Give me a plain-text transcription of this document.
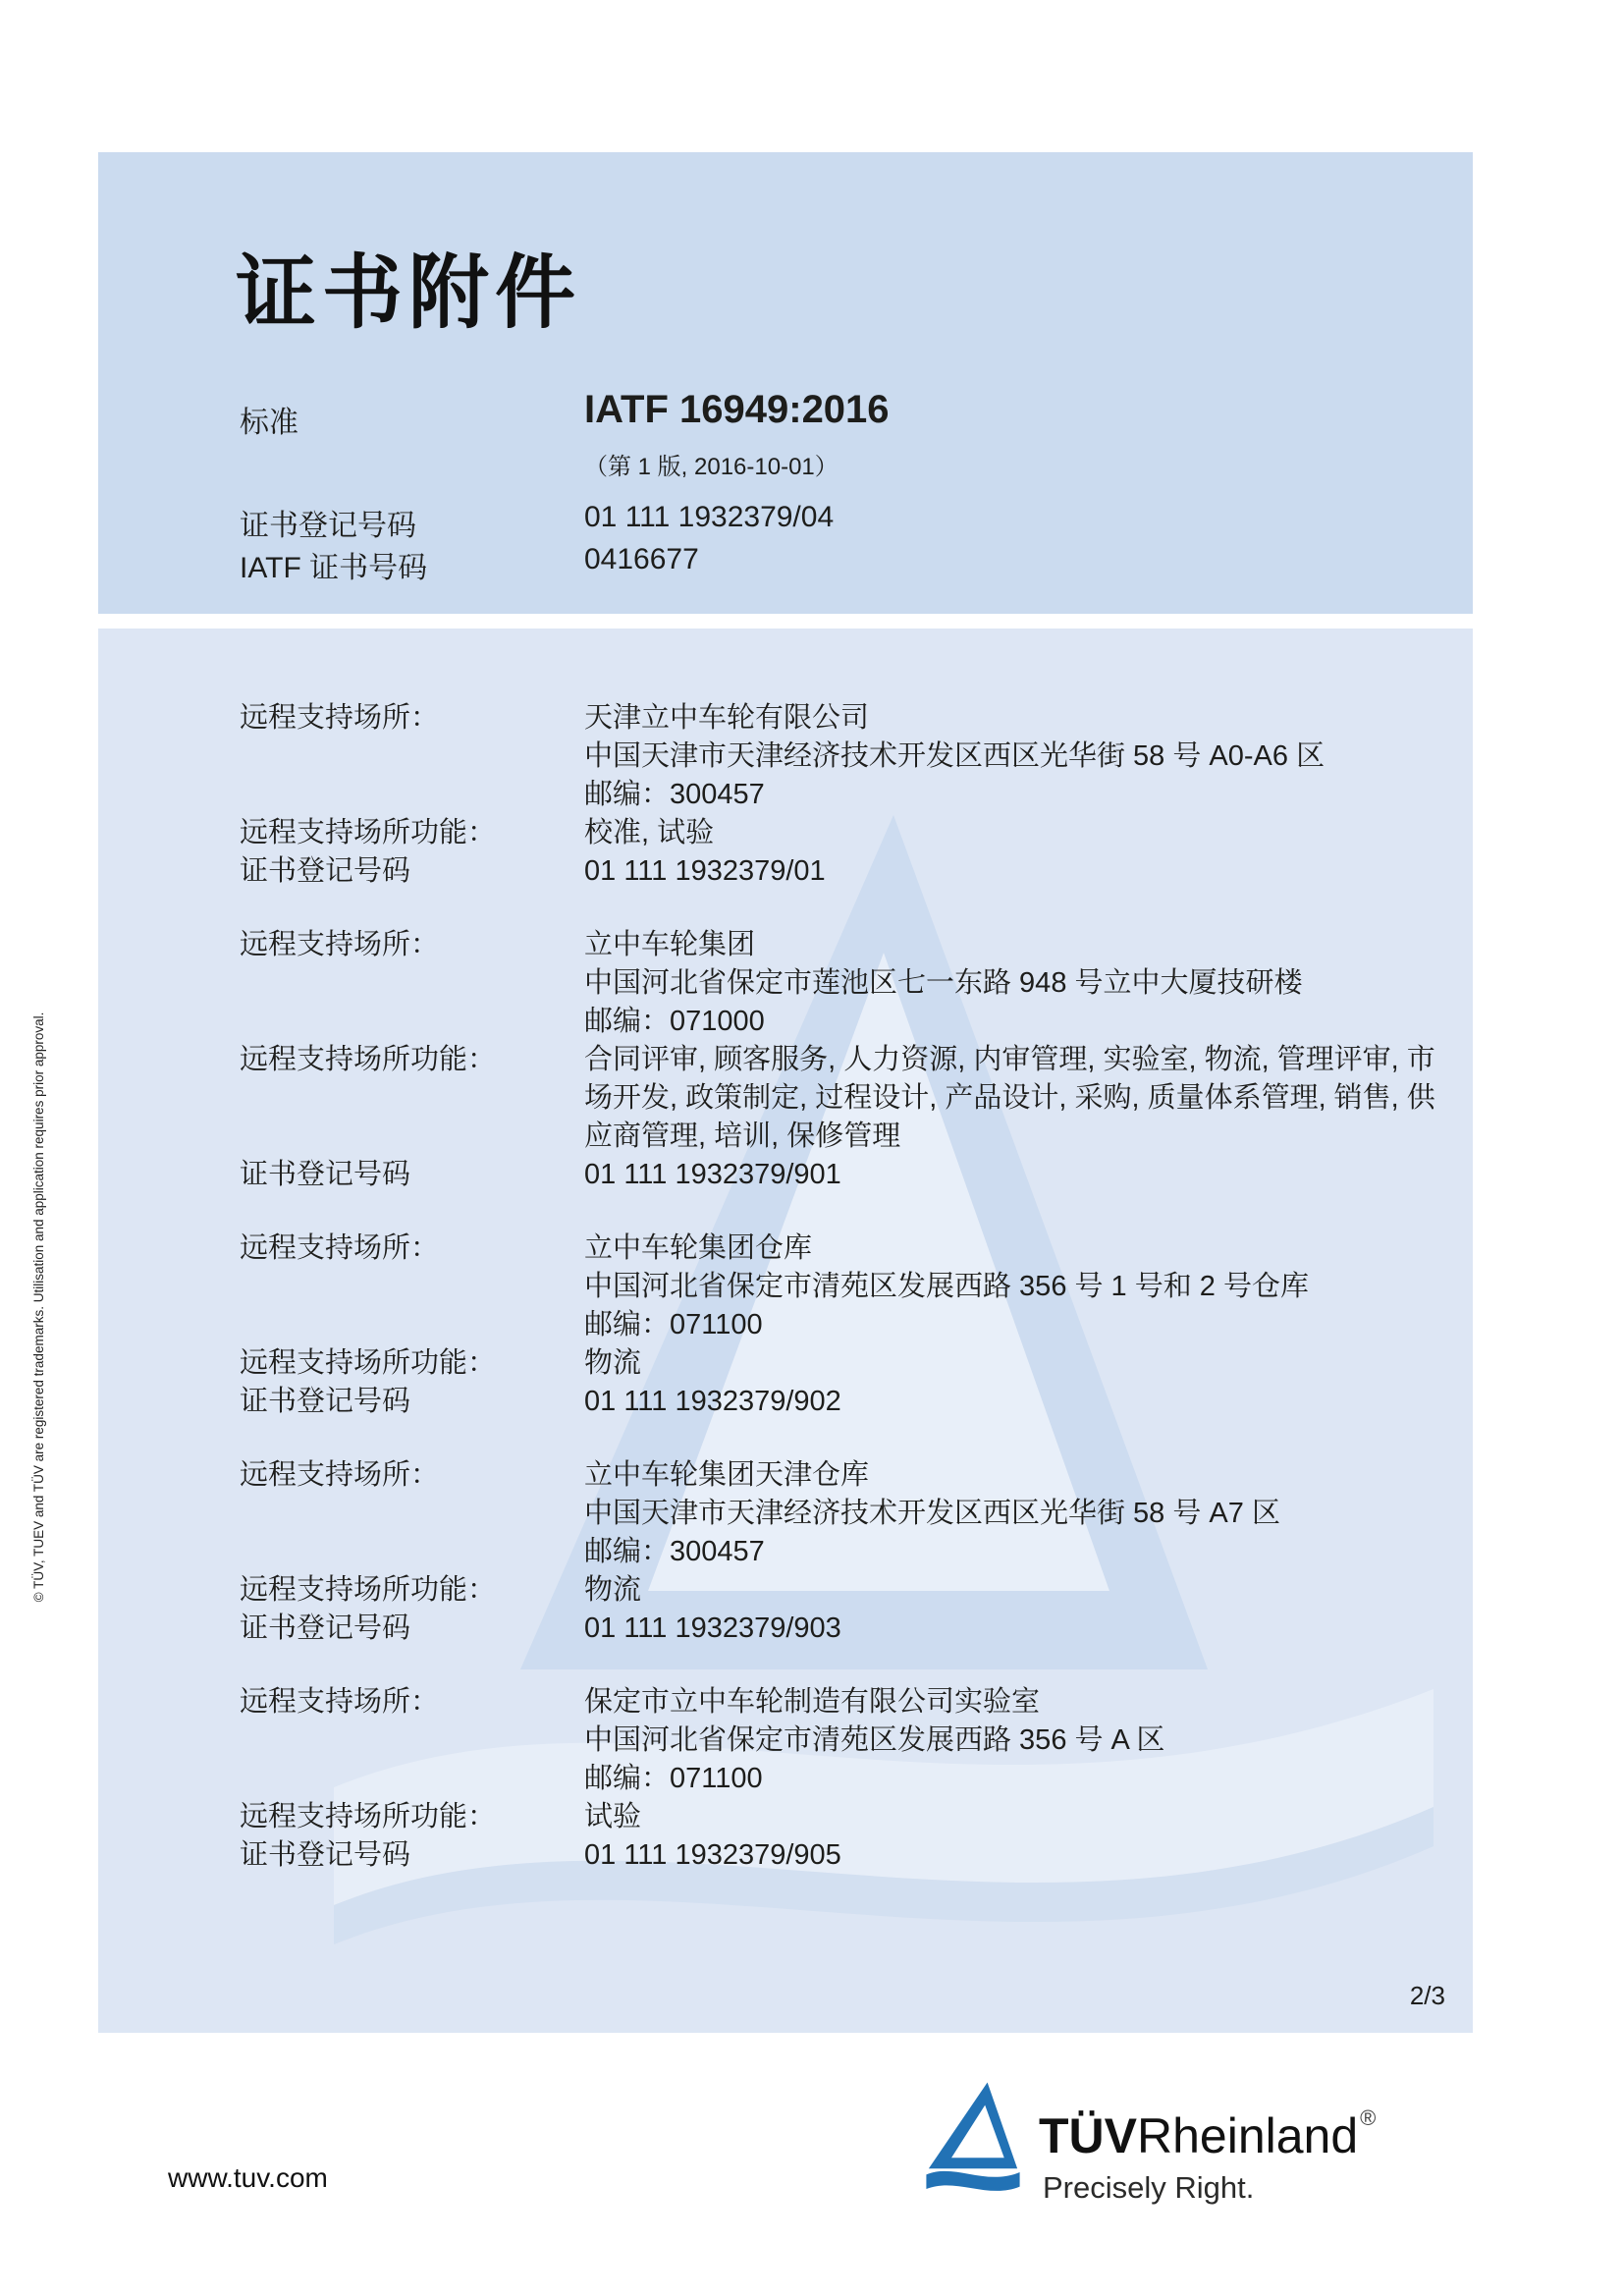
© TÜV, TUEV and TÜV are registered trademarks. Utilisation and application requires prior approval.
证书附件
标准	IATF 16949:2016
（第 1 版, 2016-10-01）
证书登记号码	01 111 1932379/04
IATF 证书号码	0416677
远程支持场所：	天津立中车轮有限公司
中国天津市天津经济技术开发区西区光华街 58 号 A0-A6 区
邮编：300457
远程支持场所功能：	校准, 试验
证书登记号码	01 111 1932379/01
远程支持场所：	立中车轮集团
中国河北省保定市莲池区七一东路 948 号立中大厦技研楼
邮编：071000
远程支持场所功能：	合同评审, 顾客服务, 人力资源, 内审管理, 实验室, 物流, 管理评审, 市场开发, 政策制定, 过程设计, 产品设计, 采购, 质量体系管理, 销售, 供应商管理, 培训, 保修管理
证书登记号码	01 111 1932379/901
远程支持场所：	立中车轮集团仓库
中国河北省保定市清苑区发展西路 356 号 1 号和 2 号仓库
邮编：071100
远程支持场所功能：	物流
证书登记号码	01 111 1932379/902
远程支持场所：	立中车轮集团天津仓库
中国天津市天津经济技术开发区西区光华街 58 号 A7 区
邮编：300457
远程支持场所功能：	物流
证书登记号码	01 111 1932379/903
远程支持场所：	保定市立中车轮制造有限公司实验室
中国河北省保定市清苑区发展西路 356 号 A 区
邮编：071100
远程支持场所功能：	试验
证书登记号码	01 111 1932379/905
2/3
www.tuv.com
TÜVRheinland®
Precisely Right.
